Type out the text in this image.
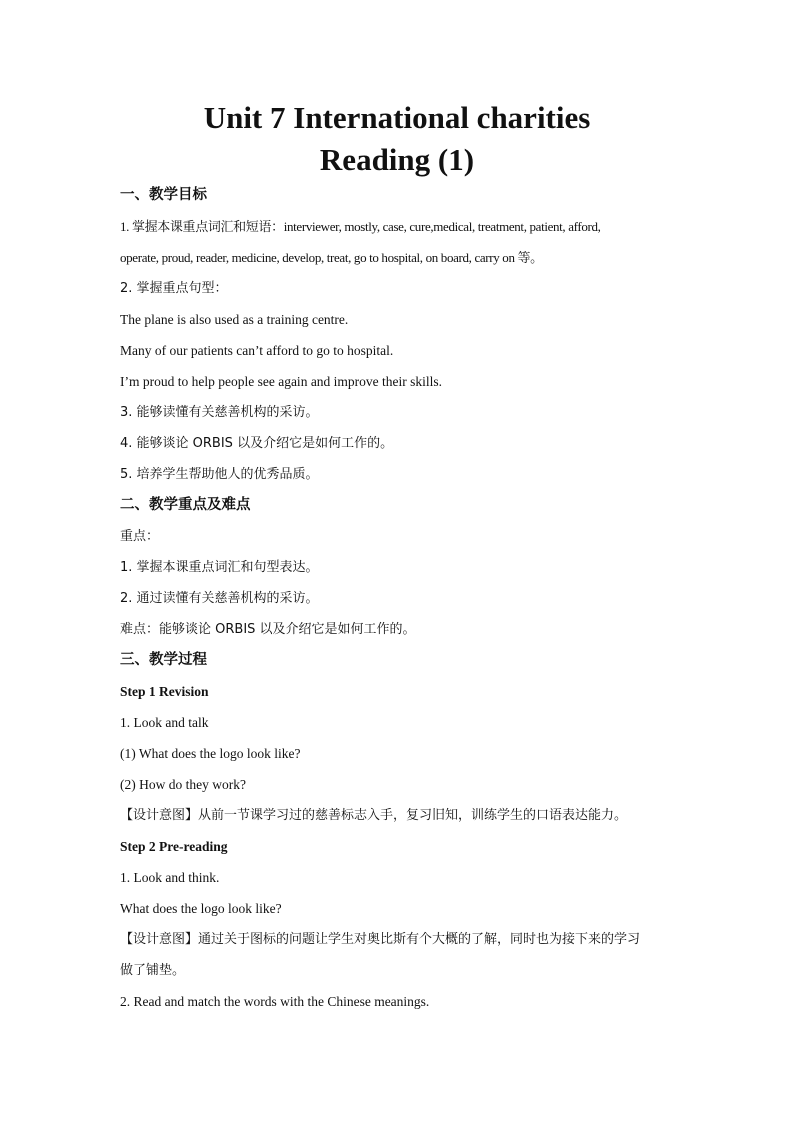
Unit 7 International charities
Reading (1)
一、教学目标
1. 掌握本课重点词汇和短语：interviewer, mostly, case, cure,medical, treatment, patient, afford,
operate, proud, reader, medicine, develop, treat, go to hospital, on board, carry on 等。
2. 掌握重点句型：
The plane is also used as a training centre.
Many of our patients can’t afford to go to hospital.
I’m proud to help people see again and improve their skills.
3. 能够读懂有关慈善机构的采访。
4. 能够谈论 ORBIS 以及介绍它是如何工作的。
5. 培养学生帮助他人的优秀品质。
二、教学重点及难点
重点：
1. 掌握本课重点词汇和句型表达。
2. 通过读懂有关慈善机构的采访。
难点：能够谈论 ORBIS 以及介绍它是如何工作的。
三、教学过程
Step 1 Revision
1. Look and talk
(1) What does the logo look like?
(2) How do they work?
【设计意图】从前一节课学习过的慈善标志入手，复习旧知，训练学生的口语表达能力。
Step 2 Pre-reading
1. Look and think.
What does the logo look like?
【设计意图】通过关于图标的问题让学生对奥比斯有个大概的了解，同时也为接下来的学习
做了铺垫。
2. Read and match the words with the Chinese meanings.
